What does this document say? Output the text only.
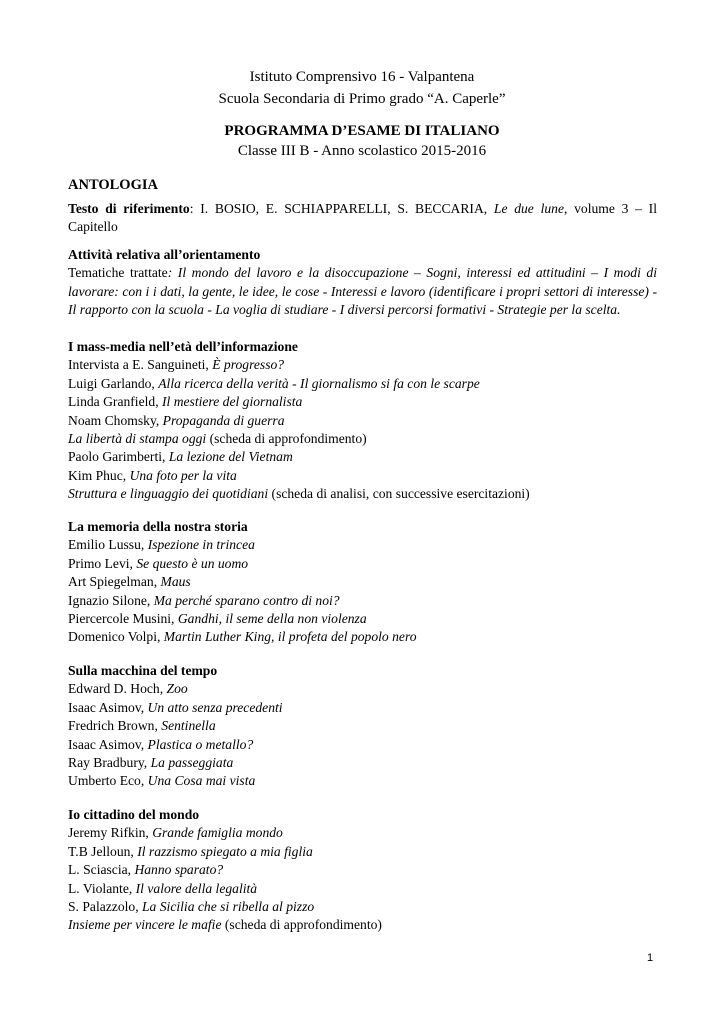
Istituto Comprensivo 16 - Valpantena
Scuola Secondaria di Primo grado “A. Caperle”
PROGRAMMA D’ESAME DI ITALIANO
Classe III B - Anno scolastico 2015-2016
ANTOLOGIA
Testo di riferimento: I. BOSIO, E. SCHIAPPARELLI, S. BECCARIA, Le due lune, volume 3 – Il Capitello
Attività relativa all’orientamento
Tematiche trattate: Il mondo del lavoro e la disoccupazione – Sogni, interessi ed attitudini – I modi di lavorare: con i i dati, la gente, le idee, le cose - Interessi e lavoro (identificare i propri settori di interesse) - Il rapporto con la scuola - La voglia di studiare - I diversi percorsi formativi - Strategie per la scelta.
I mass-media nell’età dell’informazione
Intervista a E. Sanguineti, È progresso?
Luigi Garlando, Alla ricerca della verità - Il giornalismo si fa con le scarpe
Linda Granfield, Il mestiere del giornalista
Noam Chomsky, Propaganda di guerra
La libertà di stampa oggi (scheda di approfondimento)
Paolo Garimberti, La lezione del Vietnam
Kim Phuc, Una foto per la vita
Struttura e linguaggio dei quotidiani (scheda di analisi, con successive esercitazioni)
La memoria della nostra storia
Emilio Lussu, Ispezione in trincea
Primo Levi, Se questo è un uomo
Art Spiegelman, Maus
Ignazio Silone, Ma perché sparano contro di noi?
Piercercole Musini, Gandhi, il seme della non violenza
Domenico Volpi, Martin Luther King, il profeta del popolo nero
Sulla macchina del tempo
Edward D. Hoch, Zoo
Isaac Asimov, Un atto senza precedenti
Fredrich Brown, Sentinella
Isaac Asimov, Plastica o metallo?
Ray Bradbury, La passeggiata
Umberto Eco, Una Cosa mai vista
Io cittadino del mondo
Jeremy Rifkin, Grande famiglia mondo
T.B Jelloun, Il razzismo spiegato a mia figlia
L. Sciascia, Hanno sparato?
L. Violante, Il valore della legalità
S. Palazzolo, La Sicilia che si ribella al pizzo
Insieme per vincere le mafie (scheda di approfondimento)
1
